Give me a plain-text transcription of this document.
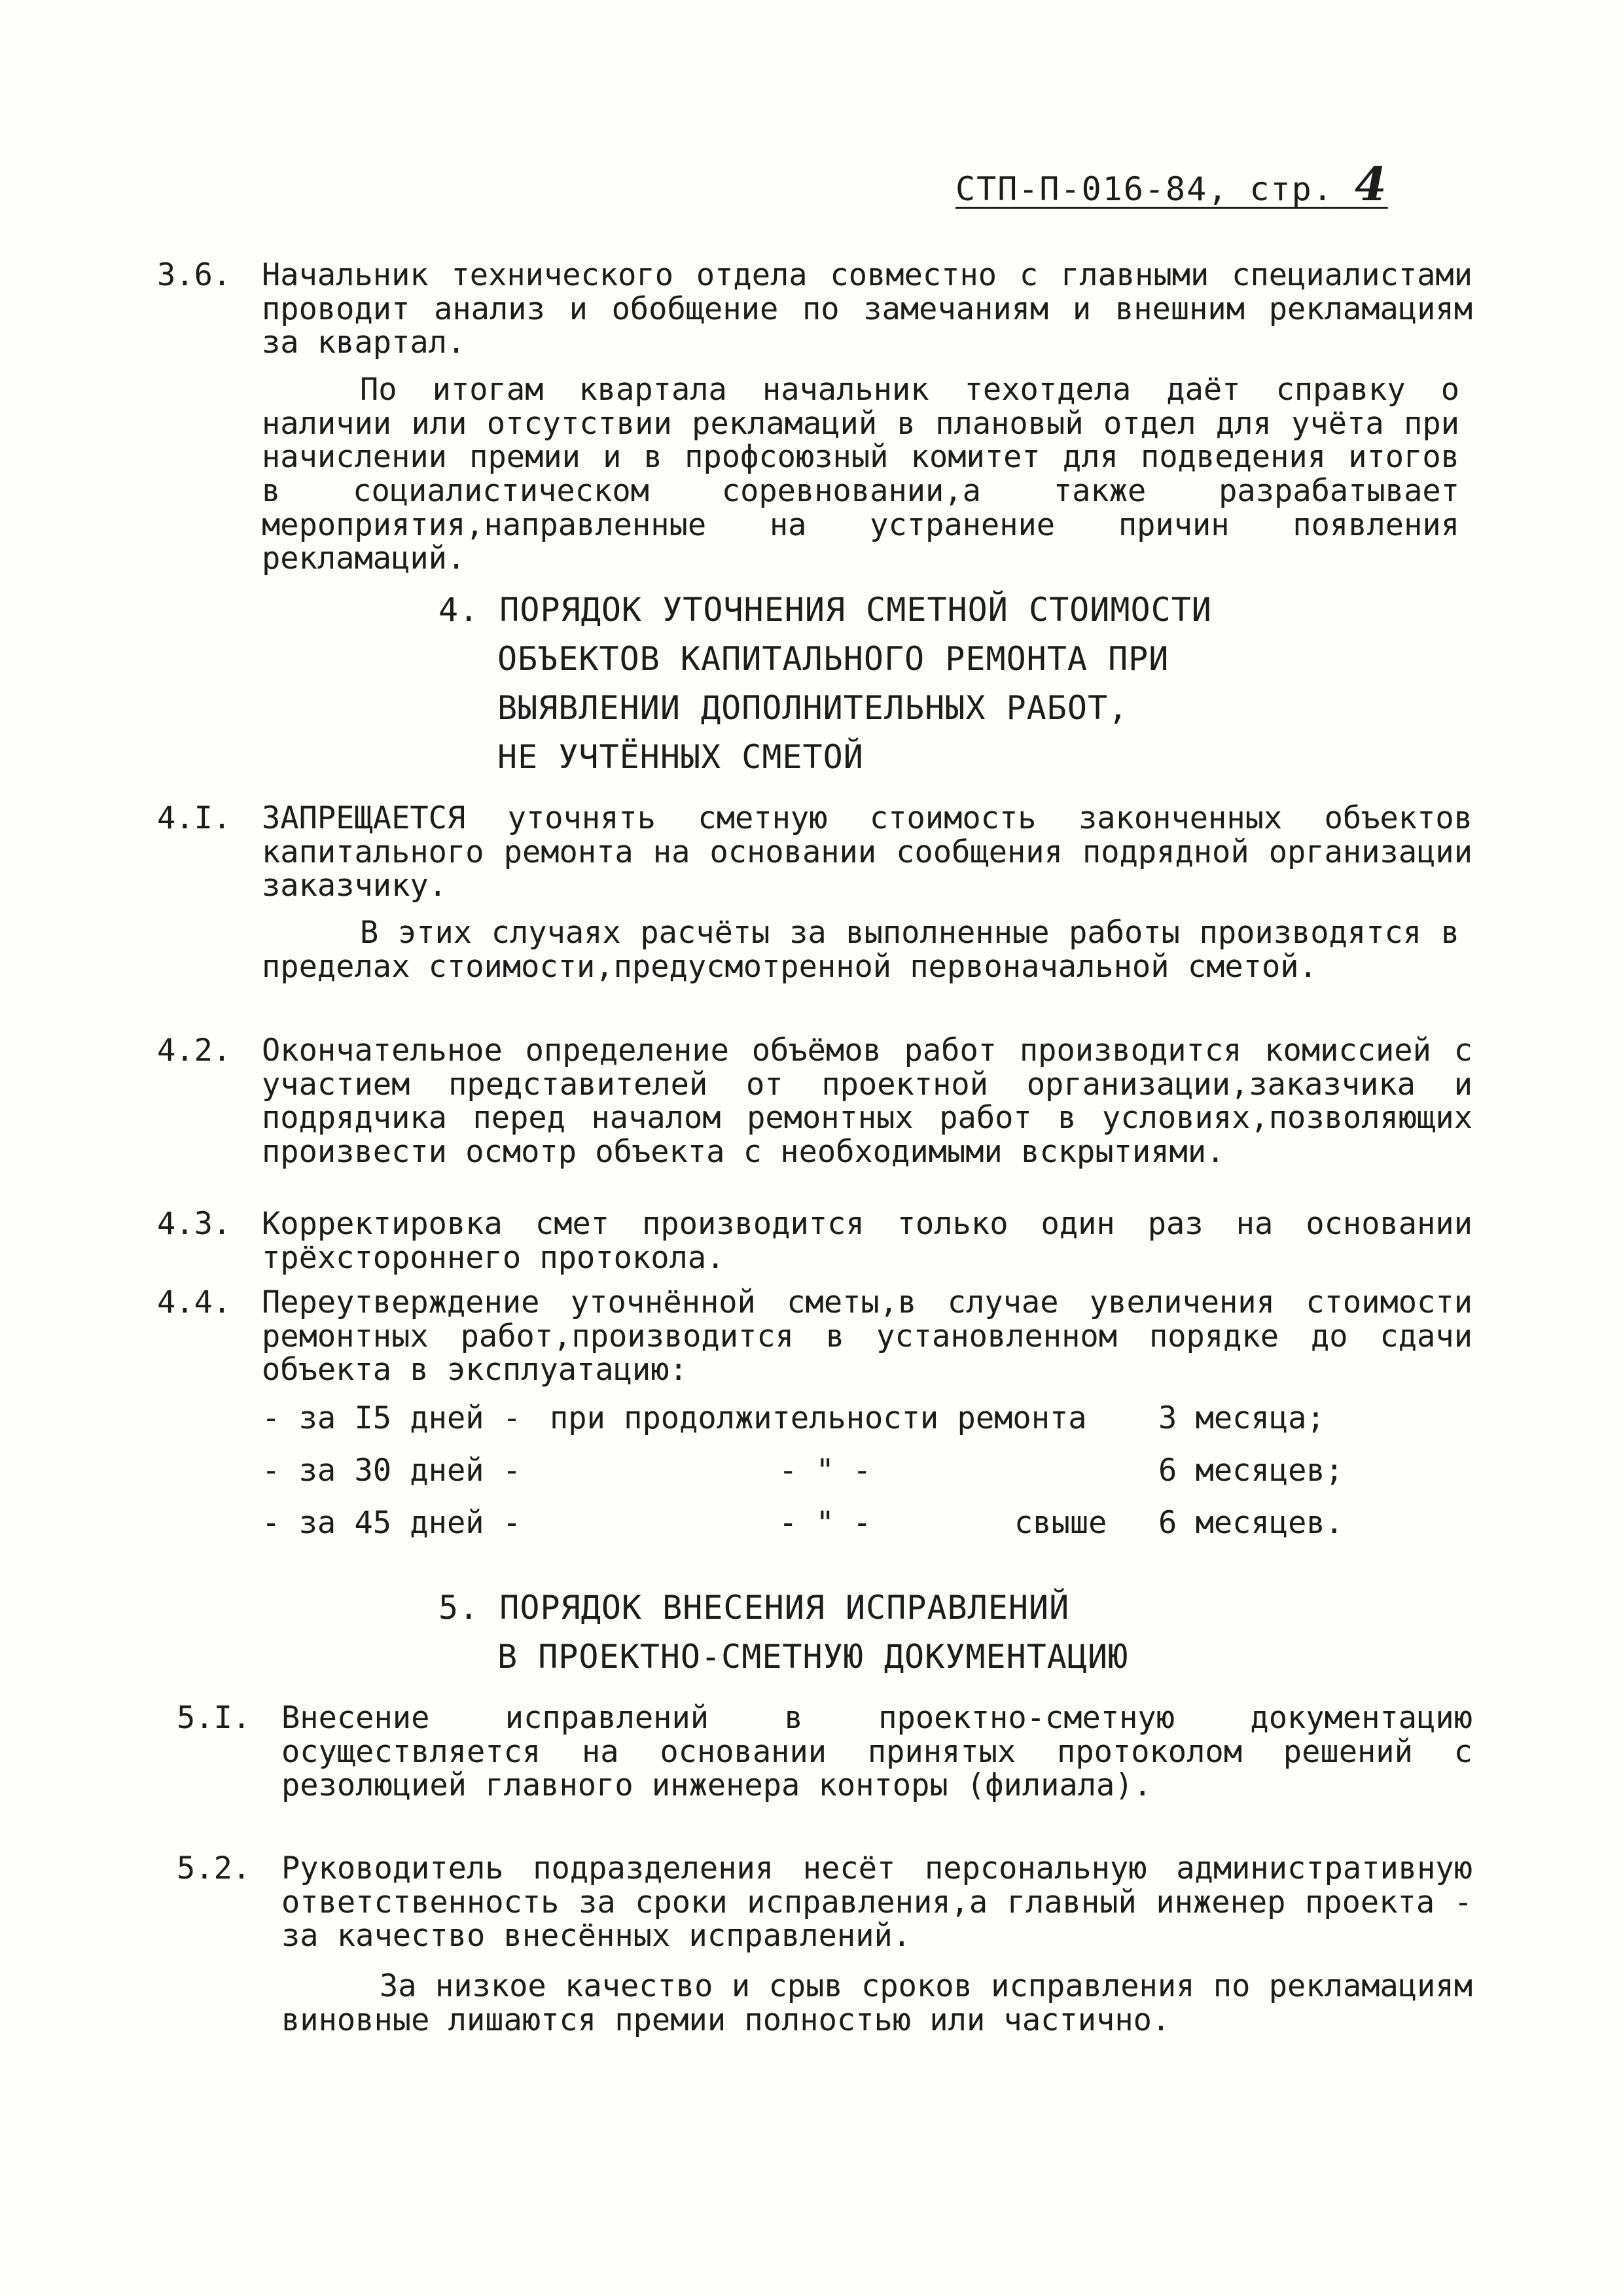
СТП-П-016-84, стр. 4
3.6. Начальник технического отдела совместно с главными специалистами проводит анализ и обобщение по замечаниям и внешним рекламациям за квартал.
По итогам квартала начальник техотдела даёт справку о наличии или отсутствии рекламаций в плановый отдел для учёта при начислении премии и в профсоюзный комитет для подведения итогов в социалистическом соревновании,а также разрабатывает мероприятия,направленные на устранение причин появления рекламаций.
4. ПОРЯДОК УТОЧНЕНИЯ СМЕТНОЙ СТОИМОСТИ
ОБЪЕКТОВ КАПИТАЛЬНОГО РЕМОНТА ПРИ
ВЫЯВЛЕНИИ ДОПОЛНИТЕЛЬНЫХ РАБОТ,
НЕ УЧТЁННЫХ СМЕТОЙ
4.I. ЗАПРЕЩАЕТСЯ уточнять сметную стоимость законченных объектов капитального ремонта на основании сообщения подрядной организации заказчику.
В этих случаях расчёты за выполненные работы производятся в пределах стоимости,предусмотренной первоначальной сметой.
4.2. Окончательное определение объёмов работ производится комиссией с участием представителей от проектной организации,заказчика и подрядчика перед началом ремонтных работ в условиях,позволяющих произвести осмотр объекта с необходимыми вскрытиями.
4.3. Корректировка смет производится только один раз на основании трёхстороннего протокола.
4.4. Переутверждение уточнённой сметы,в случае увеличения стоимости ремонтных работ,производится в установленном порядке до сдачи объекта в эксплуатацию:
- за I5 дней - при продолжительности ремонта 3 месяца;
- за 30 дней -	- " -	6 месяцев;
- за 45 дней -	- " -	свыше 6 месяцев.
5. ПОРЯДОК ВНЕСЕНИЯ ИСПРАВЛЕНИЙ
В ПРОЕКТНО-СМЕТНУЮ ДОКУМЕНТАЦИЮ
5.I. Внесение исправлений в проектно-сметную документацию осуществляется на основании принятых протоколом решений с резолюцией главного инженера конторы (филиала).
5.2. Руководитель подразделения несёт персональную административную ответственность за сроки исправления,а главный инженер проекта - за качество внесённых исправлений.
За низкое качество и срыв сроков исправления по рекламациям виновные лишаются премии полностью или частично.
